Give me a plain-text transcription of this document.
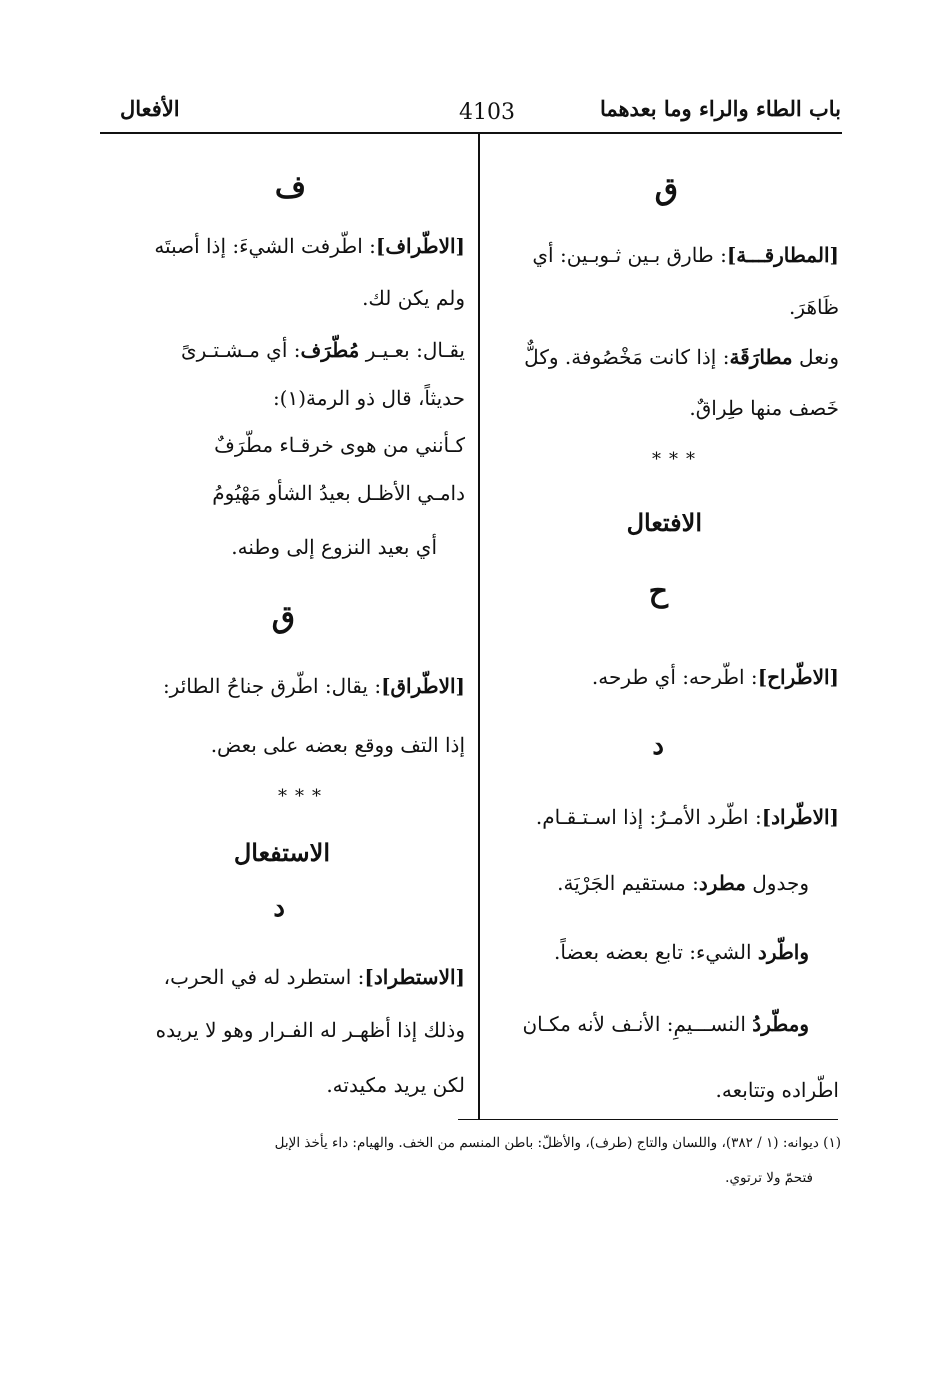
باب الطاء والراء وما بعدهما
4103
الأفعال
ق
[المطارقـــة]: طارق بـين ثـوبـين: أي
ظَاهَرَ.
ونعل مطارَقَة: إذا كانت مَخْصُوفة. وكلٌّ
خَصف منها طِراقٌ.
***
الافتعال
ح
[الاطّراح]: اطّرحه: أي طرحه.
د
[الاطّراد]: اطّرد الأمـرُ: إذا اسـتـقـام.
وجدول مطرد: مستقيم الجَرْيَة.
واطّرد الشيء: تابع بعضه بعضاً.
ومطّردُ النســـيمِ: الأنـف لأنه مكـان
اطّراده وتتابعه.
ف
[الاطّراف]: اطّرفت الشيءَ: إذا أصبتَه
ولم يكن لك.
يقـال: بعـيـر مُطّرَف: أي مـشـتـرىً
حديثاً، قال ذو الرمة(١):
كـأنني من هوى خرقـاء مطّرَفٌ
دامـي الأظـل بعيدُ الشأو مَهْيُومُ
أي بعيد النزوع إلى وطنه.
ق
[الاطّراق]: يقال: اطّرق جناحُ الطائر:
إذا التف ووقع بعضه على بعض.
***
الاستفعال
د
[الاستطراد]: استطرد له في الحرب،
وذلك إذا أظهـر له الفـرار وهو لا يريده
لكن يريد مكيدته.
(١) ديوانه: (١ / ٣٨٢)، واللسان والتاج (طرف)، والأظلّ: باطن المنسم من الخف. والهيام: داء يأخذ الإبل
فتحمّ ولا ترتوي.
